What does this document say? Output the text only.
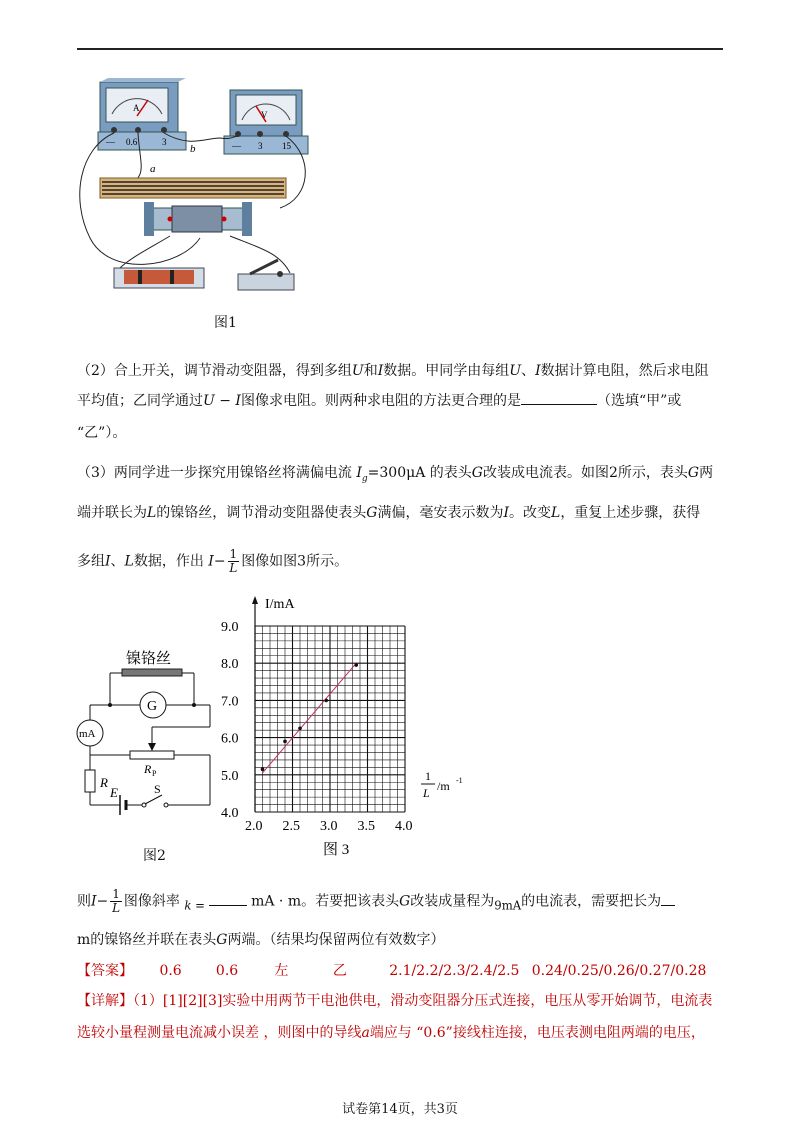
A
— 0.6	3
V
— 3 15
a
b
图1
（2）合上开关，调节滑动变阻器，得到多组U和I数据。甲同学由每组U、I数据计算电阻，然后求电阻
平均值；乙同学通过U − I图像求电阻。则两种求电阻的方法更合理的是	（选填“甲”或
“乙”）。
（3）两同学进一步探究用镍铬丝将满偏电流 $I_g=300\mu A$ 的表头G改装成电流表。如图2所示，表头G两
端并联长为L的镍铬丝，调节滑动变阻器使表头G满偏，毫安表示数为I。改变L，重复上述步骤，获得
多组I、L数据，作出 $I- \frac{1}{L}$ 图像如图3所示。
镍铬丝
G
mA
R P
R
E	S
图2
9.0
8.0
7.0
6.0
5.0
4.0
2.0 2.5 3.0 3.5 4.0
I/mA
1
L /m -1
图 3
则$I- \frac{1}{L}$ 图像斜率 $_{k =}$	mA · m。若要把该表头G改装成量程为$_{9mA}$的电流表，需要把长为
m的镍铬丝并联在表头G两端。（结果均保留两位有效数字）
【答案】 0.6 0.6	左	乙	2.1/2.2/2.3/2.4/2.5 0.24/0.25/0.26/0.27/0.28
【详解】（1）[1][2][3]实验中用两节干电池供电，滑动变阻器分压式连接，电压从零开始调节，电流表
选较小量程测量电流减小误差 ，则图中的导线a端应与 “0.6”接线柱连接，电压表测电阻两端的电压，
试卷第14页，共3页
